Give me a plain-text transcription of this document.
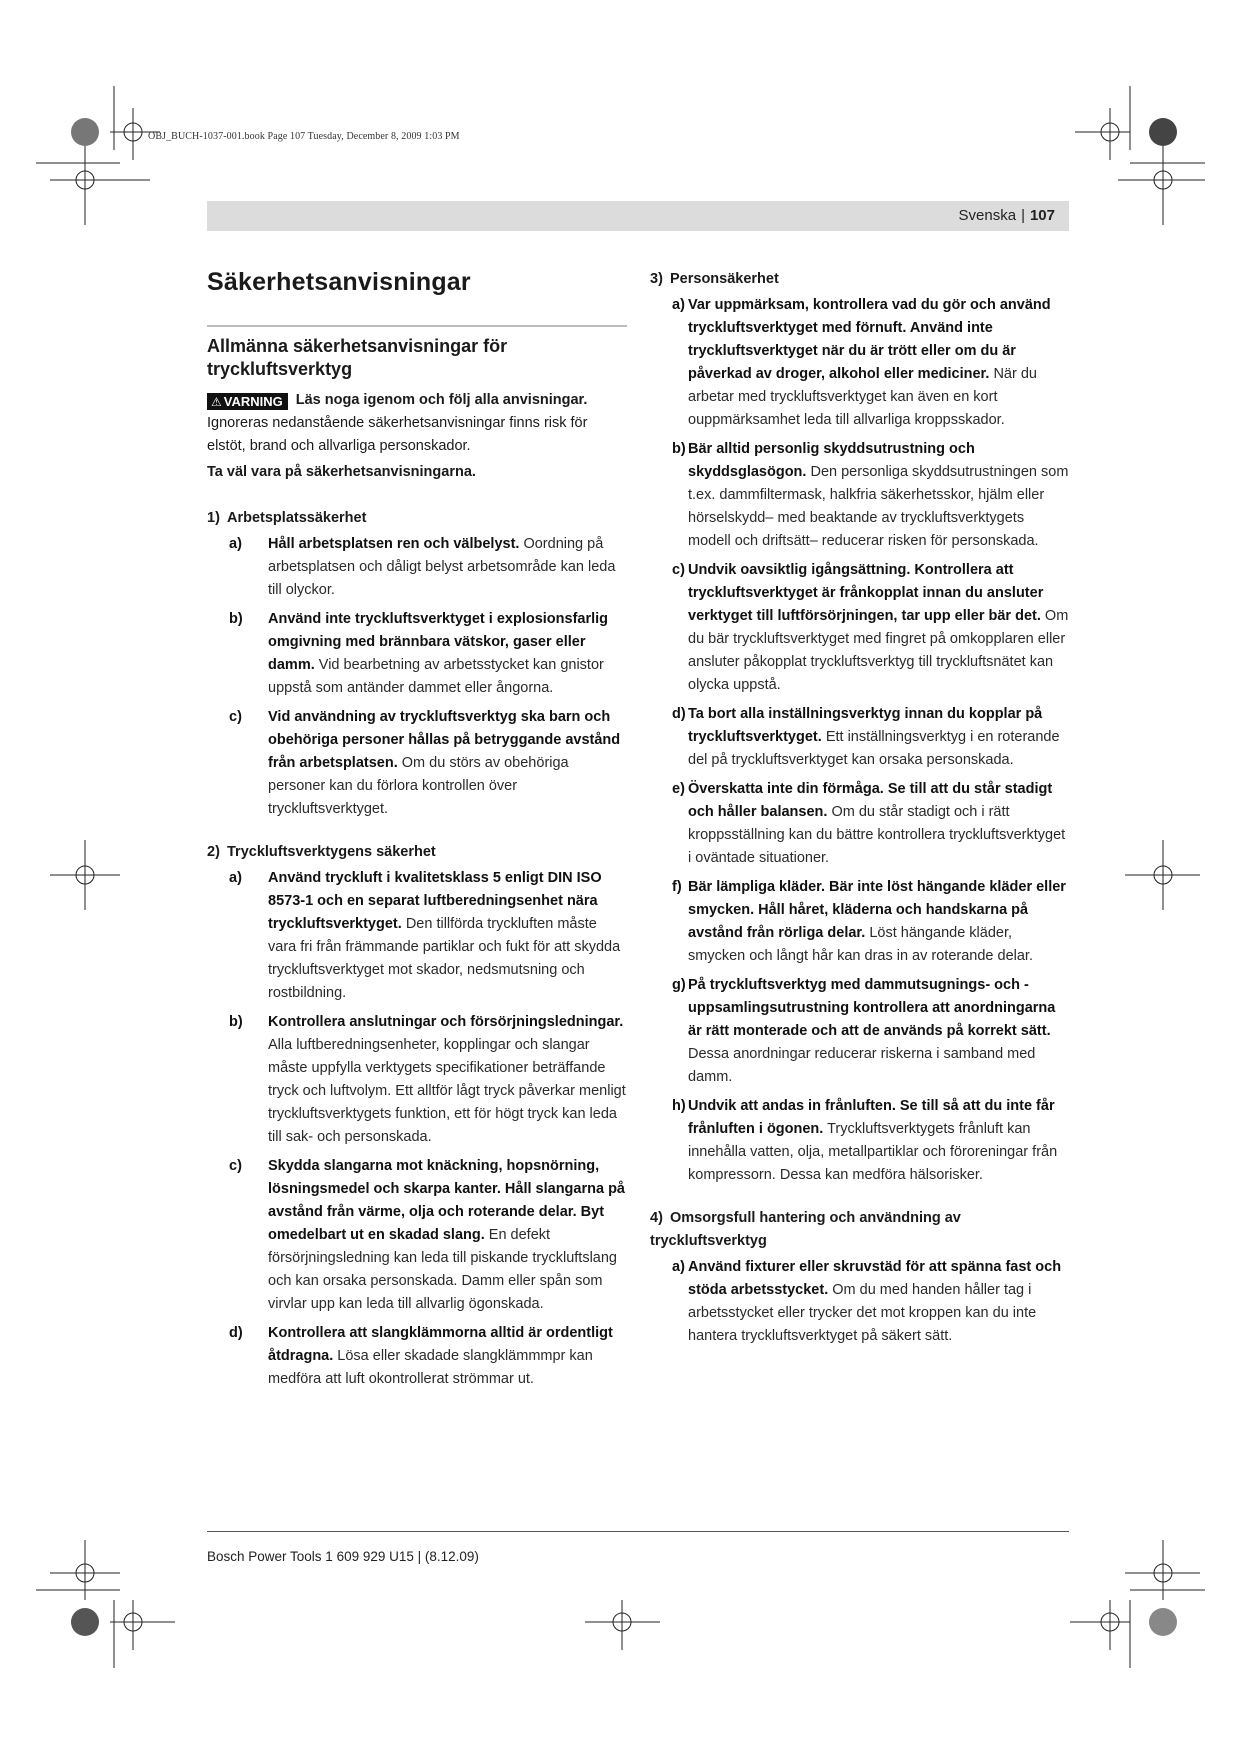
OBJ_BUCH-1037-001.book Page 107 Tuesday, December 8, 2009 1:03 PM
Svenska | 107
Säkerhetsanvisningar
Allmänna säkerhetsanvisningar för tryckluftsverktyg
⚠ VARNING Läs noga igenom och följ alla anvisningar. Ignoreras nedanstående säkerhetsanvisningar finns risk för elstöt, brand och allvarliga personskador.
Ta väl vara på säkerhetsanvisningarna.
1) Arbetsplatssäkerhet
a)	Håll arbetsplatsen ren och välbelyst. Oordning på arbetsplatsen och dåligt belyst arbetsområde kan leda till olyckor.
b) Använd inte tryckluftsverktyget i explosionsfarlig omgivning med brännbara vätskor, gaser eller damm. Vid bearbetning av arbetsstycket kan gnistor uppstå som antänder dammet eller ångorna.
c)	Vid användning av tryckluftsverktyg ska barn och obehöriga personer hållas på betryggande avstånd från arbetsplatsen. Om du störs av obehöriga personer kan du förlora kontrollen över tryckluftsverktyget.
2) Tryckluftsverktygens säkerhet
a)	Använd tryckluft i kvalitetsklass 5 enligt DIN ISO 8573-1 och en separat luftberedningsenhet nära tryckluftsverktyget. Den tillförda tryckluften måste vara fri från främmande partiklar och fukt för att skydda tryckluftsverktyget mot skador, nedsmutsning och rostbildning.
b) Kontrollera anslutningar och försörjningsledningar. Alla luftberedningsenheter, kopplingar och slangar måste uppfylla verktygets specifikationer beträffande tryck och luftvolym. Ett alltför lågt tryck påverkar menligt tryckluftsverktygets funktion, ett för högt tryck kan leda till sak- och personskada.
c)	Skydda slangarna mot knäckning, hopsnörning, lösningsmedel och skarpa kanter. Håll slangarna på avstånd från värme, olja och roterande delar. Byt omedelbart ut en skadad slang. En defekt försörjningsledning kan leda till piskande tryckluftslang och kan orsaka personskada. Damm eller spån som virvlar upp kan leda till allvarlig ögonskada.
d) Kontrollera att slangklämmorna alltid är ordentligt åtdragna. Lösa eller skadade slangklämmmpr kan medföra att luft okontrollerat strömmar ut.
3) Personsäkerhet
a) Var uppmärksam, kontrollera vad du gör och använd tryckluftsverktyget med förnuft. Använd inte tryckluftsverktyget när du är trött eller om du är påverkad av droger, alkohol eller mediciner. När du arbetar med tryckluftsverktyget kan även en kort ouppmärksamhet leda till allvarliga kroppsskador.
b) Bär alltid personlig skyddsutrustning och skyddsglasögon. Den personliga skyddsutrustningen som t.ex. dammfiltermask, halkfria säkerhetsskor, hjälm eller hörselskydd– med beaktande av tryckluftsverktygets modell och driftsätt– reducerar risken för personskada.
c) Undvik oavsiktlig igångsättning. Kontrollera att tryckluftsverktyget är frånkopplat innan du ansluter verktyget till luftförsörjningen, tar upp eller bär det. Om du bär tryckluftsverktyget med fingret på omkopplaren eller ansluter påkopplat tryckluftsverktyg till tryckluftsnätet kan olycka uppstå.
d) Ta bort alla inställningsverktyg innan du kopplar på tryckluftsverktyget. Ett inställningsverktyg i en roterande del på tryckluftsverktyget kan orsaka personskada.
e) Överskatta inte din förmåga. Se till att du står stadigt och håller balansen. Om du står stadigt och i rätt kroppsställning kan du bättre kontrollera tryckluftsverktyget i oväntade situationer.
f) Bär lämpliga kläder. Bär inte löst hängande kläder eller smycken. Håll håret, kläderna och handskarna på avstånd från rörliga delar. Löst hängande kläder, smycken och långt hår kan dras in av roterande delar.
g) På tryckluftsverktyg med dammutsugnings- och -uppsamlingsutrustning kontrollera att anordningarna är rätt monterade och att de används på korrekt sätt. Dessa anordningar reducerar riskerna i samband med damm.
h) Undvik att andas in frånluften. Se till så att du inte får frånluften i ögonen. Tryckluftsverktygets frånluft kan innehålla vatten, olja, metallpartiklar och föroreningar från kompressorn. Dessa kan medföra hälsorisker.
4) Omsorgsfull hantering och användning av tryckluftsverktyg
a) Använd fixturer eller skruvstäd för att spänna fast och stöda arbetsstycket. Om du med handen håller tag i arbetsstycket eller trycker det mot kroppen kan du inte hantera tryckluftsverktyget på säkert sätt.
Bosch Power Tools 1 609 929 U15 | (8.12.09)
